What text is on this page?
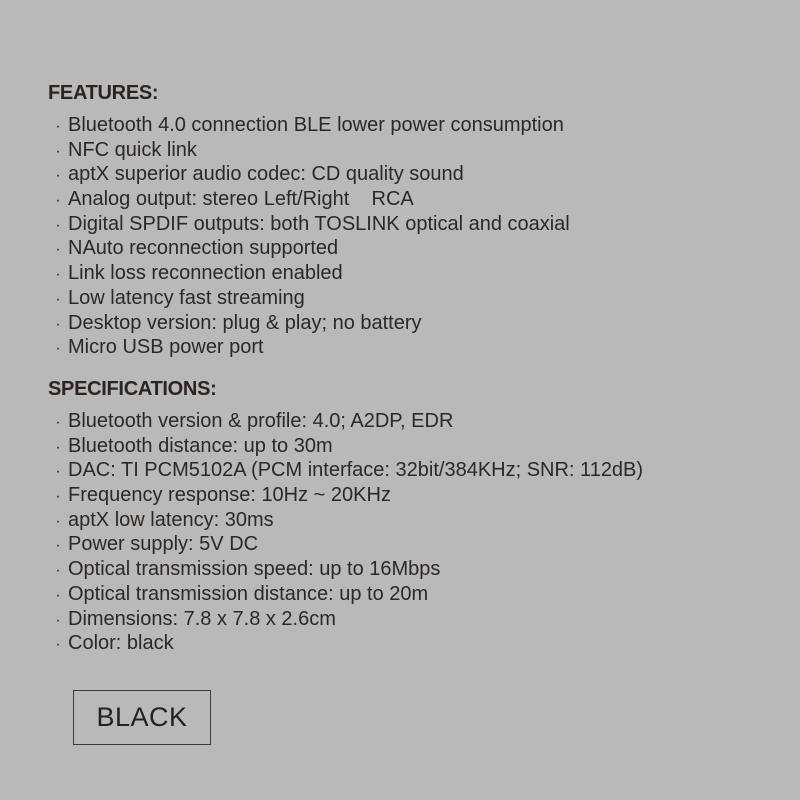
FEATURES:
· Bluetooth 4.0 connection BLE lower power consumption
· NFC quick link
· aptX superior audio codec: CD quality sound
· Analog output: stereo Left/Right    RCA
· Digital SPDIF outputs: both TOSLINK optical and coaxial
· NAuto reconnection supported
· Link loss reconnection enabled
· Low latency fast streaming
· Desktop version: plug & play; no battery
· Micro USB power port
SPECIFICATIONS:
· Bluetooth version & profile: 4.0; A2DP, EDR
· Bluetooth distance: up to 30m
· DAC: TI PCM5102A (PCM interface: 32bit/384KHz; SNR: 112dB)
· Frequency response: 10Hz ~ 20KHz
· aptX low latency: 30ms
· Power supply: 5V DC
· Optical transmission speed: up to 16Mbps
· Optical transmission distance: up to 20m
· Dimensions: 7.8 x 7.8 x 2.6cm
· Color: black
BLACK
